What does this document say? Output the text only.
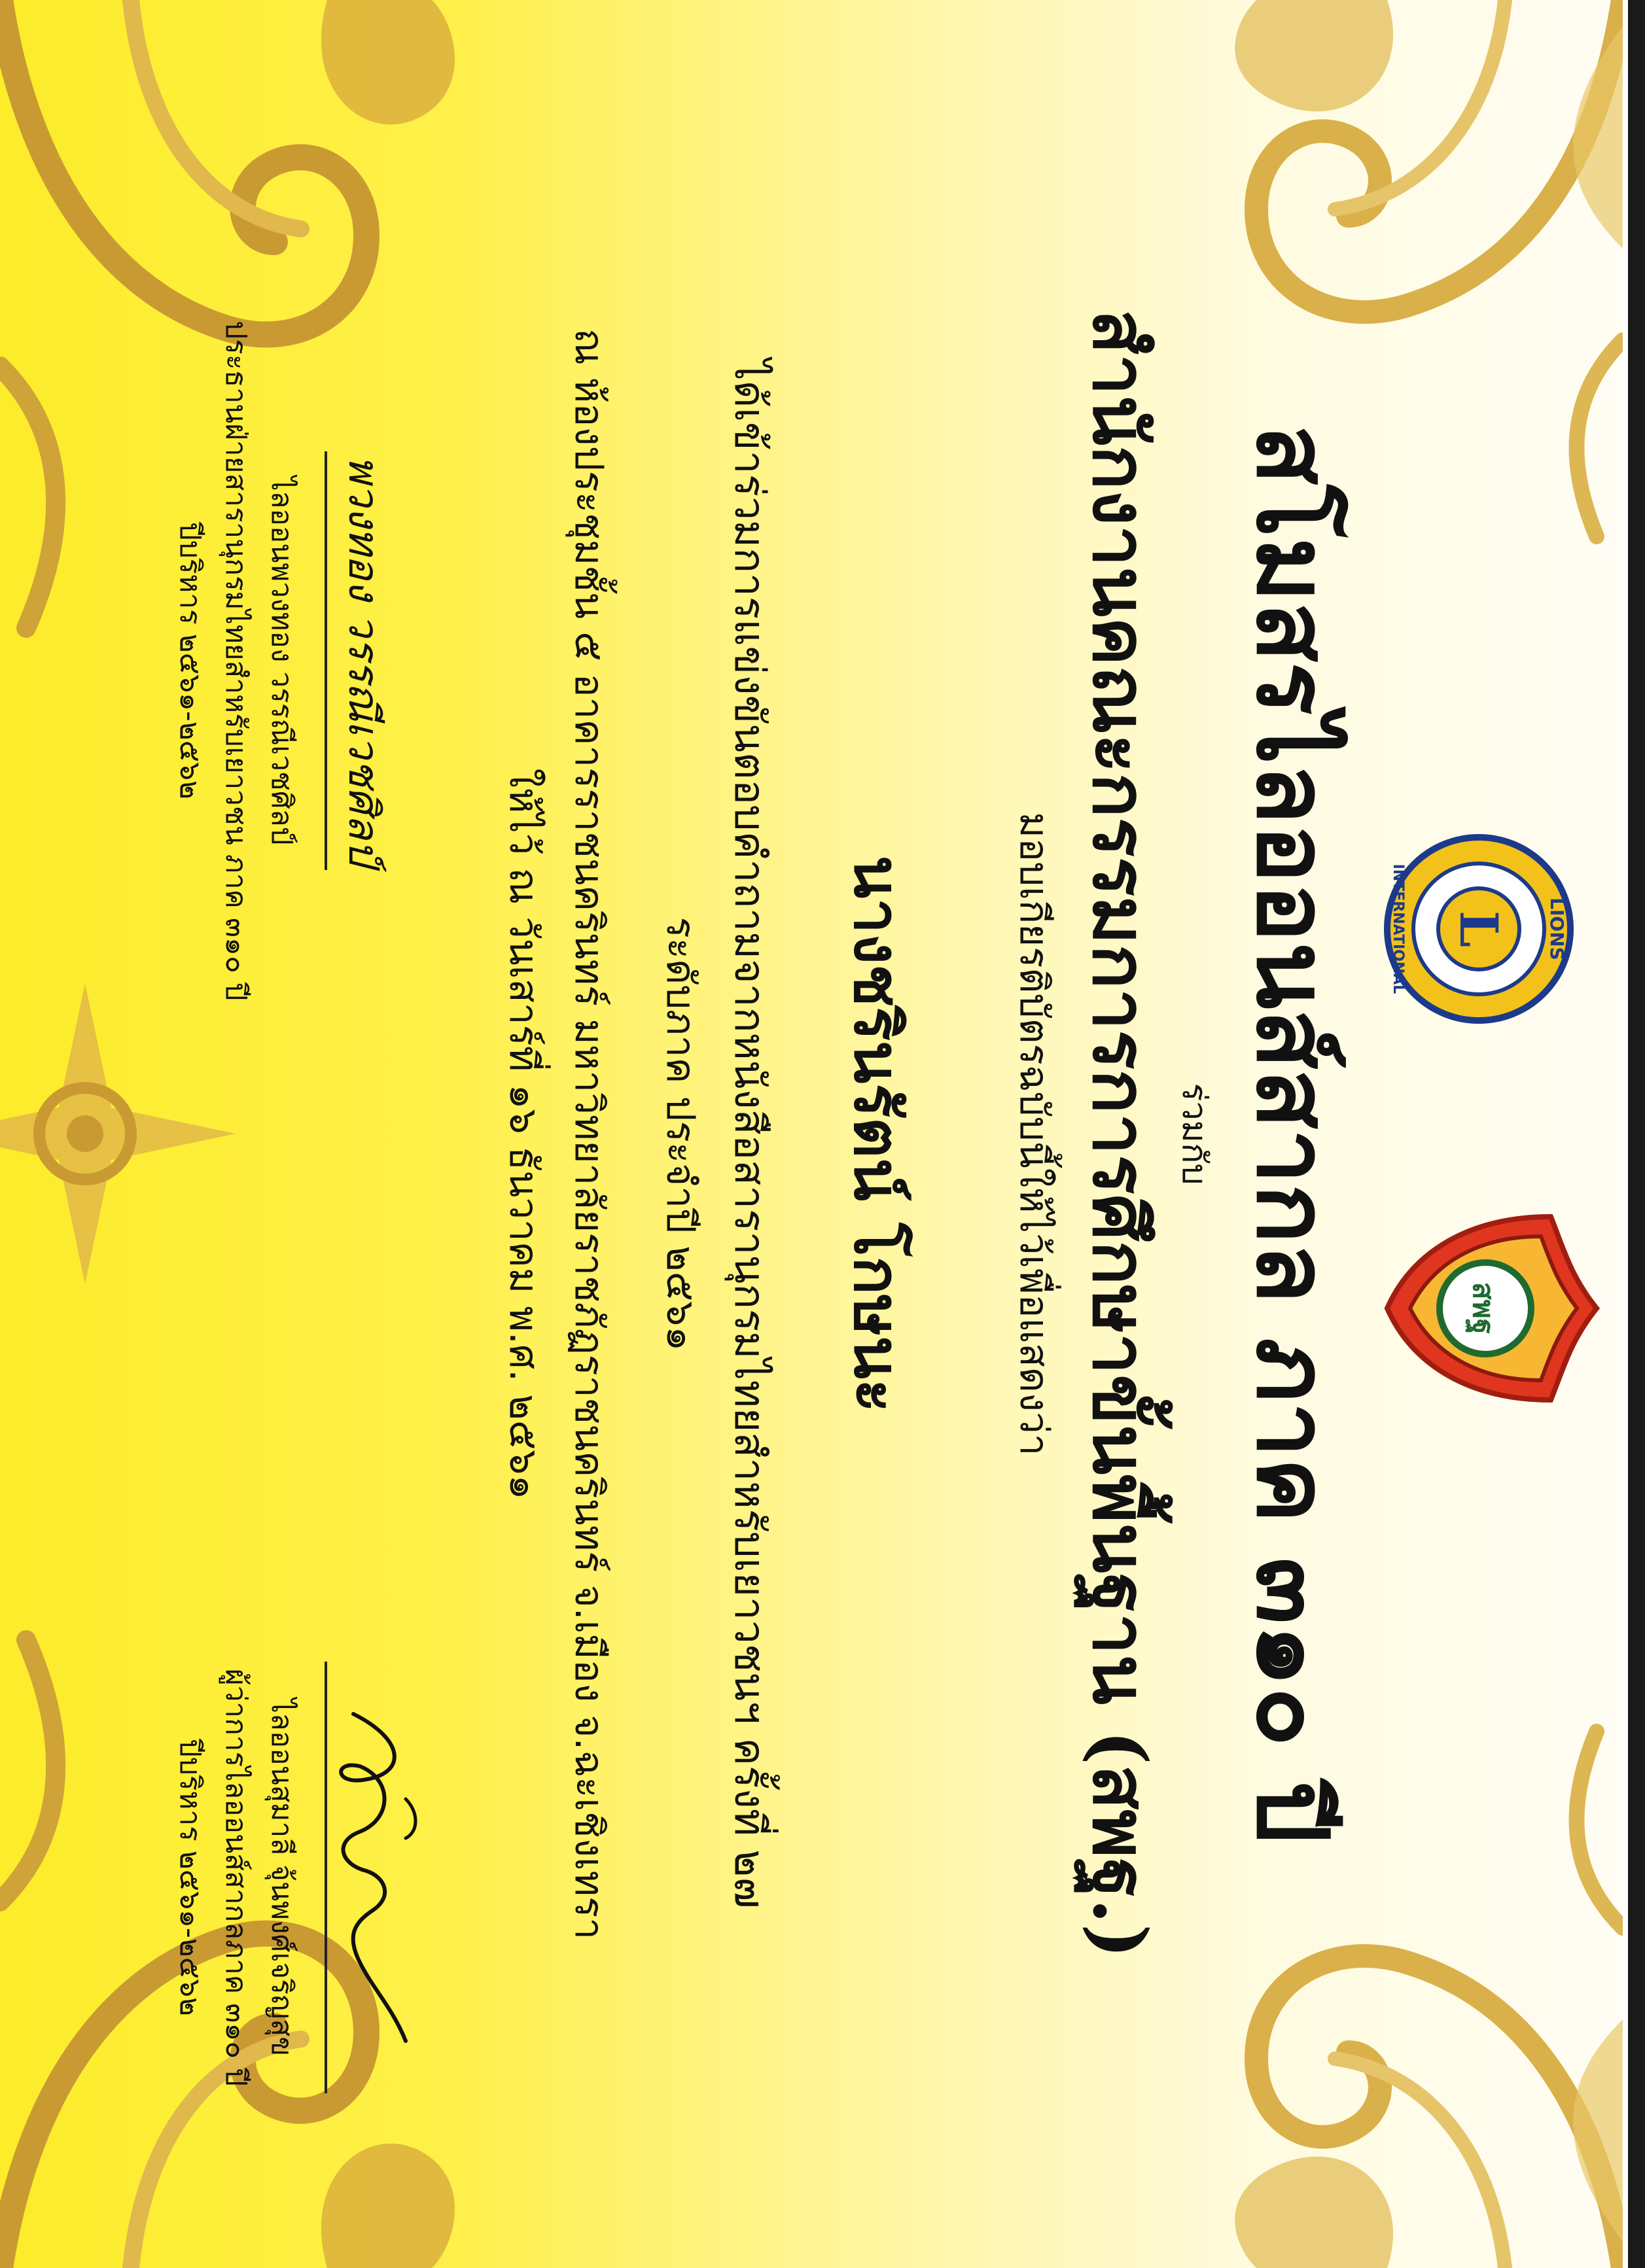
LIONS
L
INTERNATIONAL
สพฐ
สโมสรไลออนส์สากล ภาค ๓๑๐ ปี
ร่วมกับ
สำนักงานคณะกรรมการการศึกษาขั้นพื้นฐาน (สพฐ.)
มอบเกียรติบัตรฉบับนี้ให้ไว้เพื่อแสดงว่า
นางชรินรัตน์ โกษนะ
ได้เข้าร่วมการแข่งขันตอบคำถามจากหนังสือสารานุกรมไทยสำหรับเยาวชนฯ ครั้งที่ ๒๗
ระดับภาค ประจำปี ๒๕๖๑
ณ ห้องประชุมชั้น ๕ อาคารราชนครินทร์ มหาวิทยาลัยราชภัฏราชนครินทร์ จ.เมือง จ.ฉะเชิงเทรา
ให้ไว้ ณ วันเสาร์ที่ ๑๖ ธันวาคม พ.ศ. ๒๕๖๑
พวงทอง วรรณีเวชศิลป์
ไลออนพวงทอง วรรณีเวชศิลป์
ประธานฝ่ายสารานุกรมไทยสำหรับเยาวชน ภาค ๓๑๐ ปี
ปีบริหาร ๒๕๖๑-๒๕๖๒
ไลออนสุมาลี จุ้นพงศ์เจริญสุข
ผู้ว่าการไลออนส์สากลภาค ๓๑๐ ปี
ปีบริหาร ๒๕๖๑-๒๕๖๒
